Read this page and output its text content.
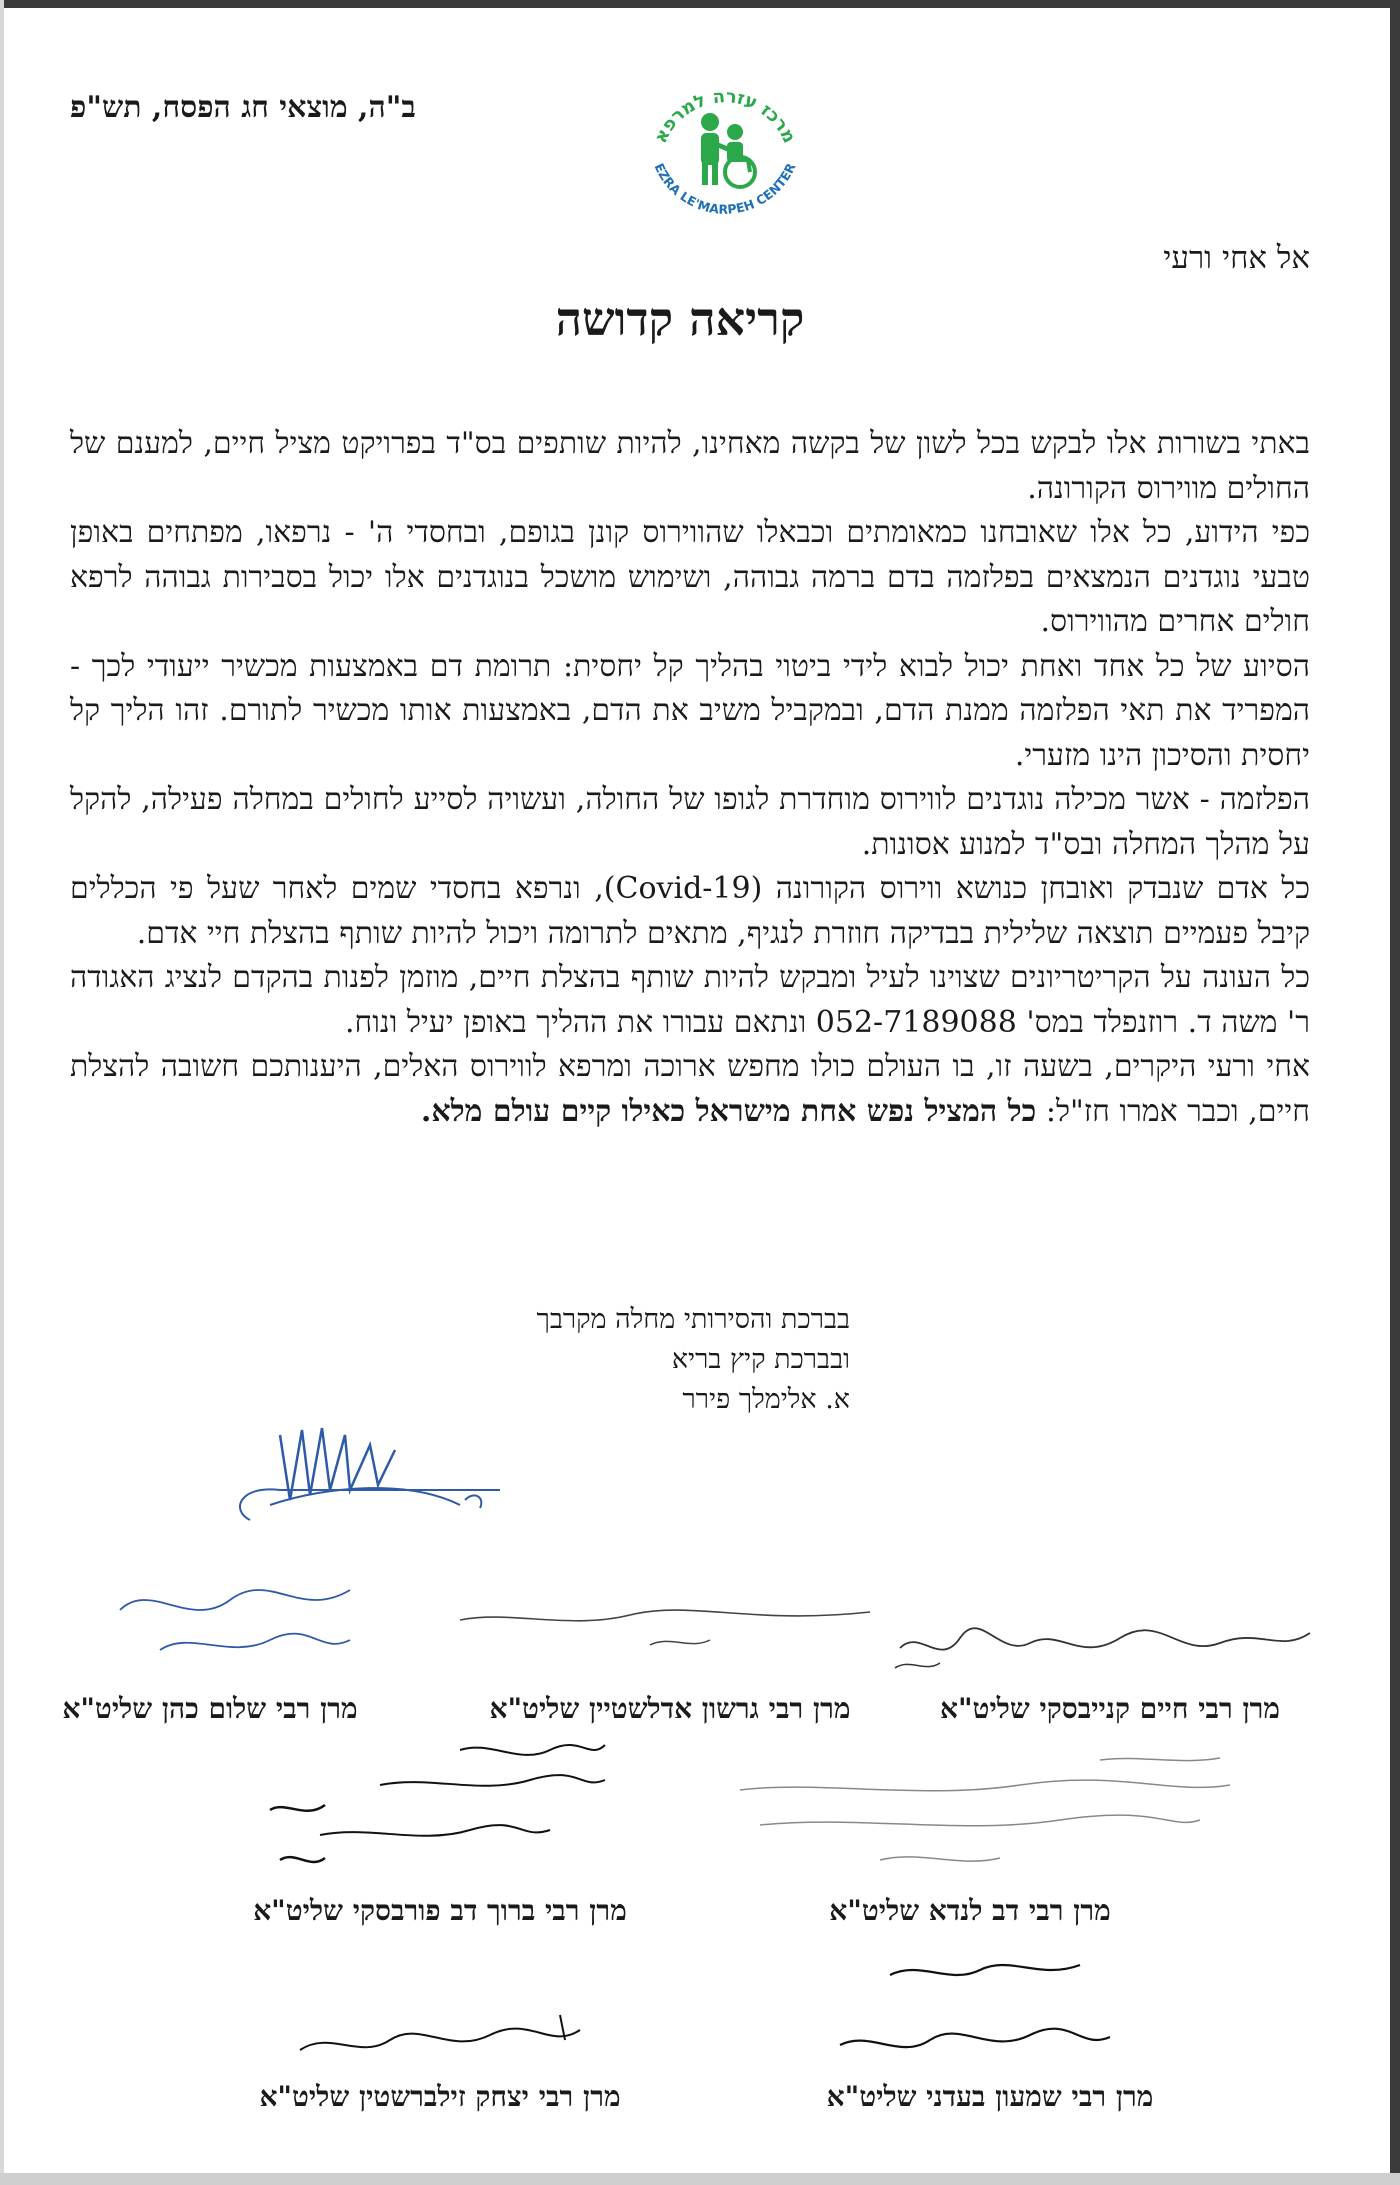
ב"ה, מוצאי חג הפסח, תש"פ
מרכז עזרה למרפא
EZRA LE'MARPEH CENTER
אל אחי ורעי
קריאה קדושה

באתי בשורות אלו לבקש בכל לשון של בקשה מאחינו, להיות שותפים בס"ד בפרויקט מציל חיים, למענם של החולים מווירוס הקורונה.

כפי הידוע, כל אלו שאובחנו כמאומתים וכבאלו שהווירוס קונן בגופם, ובחסדי ה' - נרפאו, מפתחים באופן טבעי נוגדנים הנמצאים בפלזמה בדם ברמה גבוהה, ושימוש מושכל בנוגדנים אלו יכול בסבירות גבוהה לרפא חולים אחרים מהווירוס.

הסיוע של כל אחד ואחת יכול לבוא לידי ביטוי בהליך קל יחסית: תרומת דם באמצעות מכשיר ייעודי לכך - המפריד את תאי הפלזמה ממנת הדם, ובמקביל משיב את הדם, באמצעות אותו מכשיר לתורם. זהו הליך קל יחסית והסיכון הינו מזערי.

הפלזמה - אשר מכילה נוגדנים לווירוס מוחדרת לגופו של החולה, ועשויה לסייע לחולים במחלה פעילה, להקל על מהלך המחלה ובס"ד למנוע אסונות.

כל אדם שנבדק ואובחן כנושא ווירוס הקורונה (Covid-19), ונרפא בחסדי שמים לאחר שעל פי הכללים קיבל פעמיים תוצאה שלילית בבדיקה חוזרת לנגיף, מתאים לתרומה ויכול להיות שותף בהצלת חיי אדם.

כל העונה על הקריטריונים שצוינו לעיל ומבקש להיות שותף בהצלת חיים, מוזמן לפנות בהקדם לנציג האגודה ר' משה ד. רוזנפלד במס' 052-7189088 ונתאם עבורו את ההליך באופן יעיל ונוח.

אחי ורעי היקרים, בשעה זו, בו העולם כולו מחפש ארוכה ומרפא לווירוס האלים, היענותכם חשובה להצלת חיים, וכבר אמרו חז"ל: כל המציל נפש אחת מישראל כאילו קיים עולם מלא.

בברכת והסירותי מחלה מקרבך
ובברכת קיץ בריא
א. אלימלך פירר
מרן רבי חיים קנייבסקי שליט"א
מרן רבי גרשון אדלשטיין שליט"א
מרן רבי שלום כהן שליט"א
מרן רבי דב לנדא שליט"א
מרן רבי ברוך דב פורבסקי שליט"א
מרן רבי שמעון בעדני שליט"א
מרן רבי יצחק זילברשטין שליט"א
